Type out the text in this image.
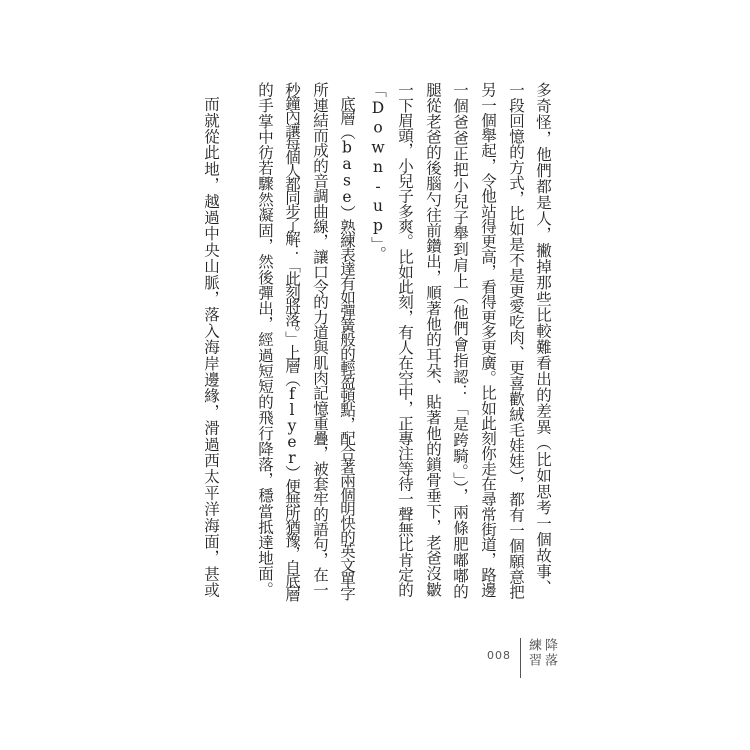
多奇怪，他們都是人，撇掉那些比較難看出的差異（比如思考一個故事、
一段回憶的方式，比如是不是更愛吃肉、更喜歡絨毛娃娃），都有一個願意把
另一個舉起，令他站得更高，看得更多更廣。比如此刻你走在尋常街道，路邊
一個爸爸正把小兒子舉到肩上（他們會指認：「是跨騎。」），兩條肥嘟嘟的
腿從老爸的後腦勺往前鑽出，順著他的耳朵、貼著他的鎖骨垂下，老爸沒皺
一下眉頭，小兒子多爽。比如此刻，有人在空中，正專注等待一聲無比肯定的
「Down-up」。
底層（base）熟練表達有如彈簧般的輕盈頓點，配合著兩個明快的英文單字
所連結而成的音調曲線，讓口令的力道與肌肉記憶重疊，被套牢的語句，在一
秒鐘內讓每個人都同步了解：「此刻將落。」上層（flyer）便無所猶豫，自底層
的手掌中彷若驟然凝固，然後彈出，經過短短的飛行降落，穩當抵達地面。
而就從此地，越過中央山脈，落入海岸邊緣，滑過西太平洋海面，甚或
008 降落
練習
